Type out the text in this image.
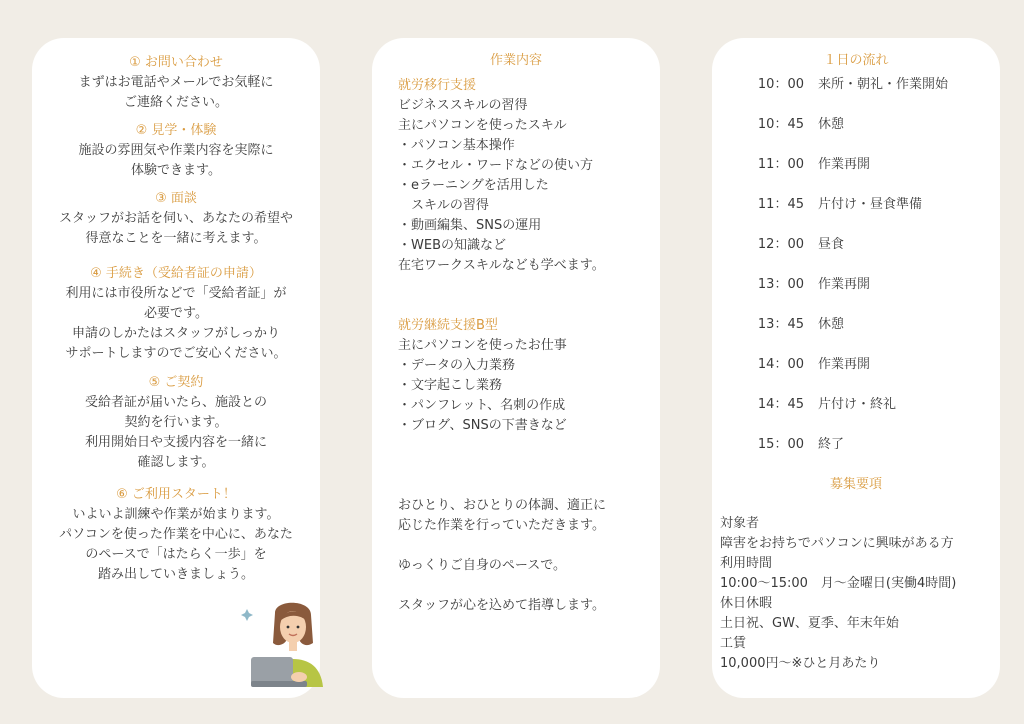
① お問い合わせ
まずはお電話やメールでお気軽に
ご連絡ください。
② 見学・体験
施設の雰囲気や作業内容を実際に
体験できます。
③ 面談
スタッフがお話を伺い、あなたの希望や
得意なことを一緒に考えます。
④ 手続き（受給者証の申請）
利用には市役所などで「受給者証」が
必要です。
申請のしかたはスタッフがしっかり
サポートしますのでご安心ください。
⑤ ご契約
受給者証が届いたら、施設との
契約を行います。
利用開始日や支援内容を一緒に
確認します。
⑥ ご利用スタート！
いよいよ訓練や作業が始まります。
パソコンを使った作業を中心に、あなた
のペースで「はたらく一歩」を
踏み出していきましょう。
作業内容
就労移行支援
ビジネススキルの習得
主にパソコンを使ったスキル
・パソコン基本操作
・エクセル・ワードなどの使い方
・eラーニングを活用した
　スキルの習得
・動画編集、SNSの運用
・WEBの知識など
在宅ワークスキルなども学べます。
就労継続支援B型
主にパソコンを使ったお仕事
・データの入力業務
・文字起こし業務
・パンフレット、名刺の作成
・ブログ、SNSの下書きなど
おひとり、おひとりの体調、適正に
応じた作業を行っていただきます。
ゆっくりご自身のペースで。
スタッフが心を込めて指導します。
１日の流れ
10：00	来所・朝礼・作業開始
10：45	休憩
11：00	作業再開
11：45	片付け・昼食準備
12：00	昼食
13：00	作業再開
13：45	休憩
14：00	作業再開
14：45	片付け・終礼
15：00	終了
募集要項
対象者
障害をお持ちでパソコンに興味がある方
利用時間
10:00〜15:00　月〜金曜日(実働4時間)
休日休暇
土日祝、GW、夏季、年末年始
工賃
10,000円〜※ひと月あたり
